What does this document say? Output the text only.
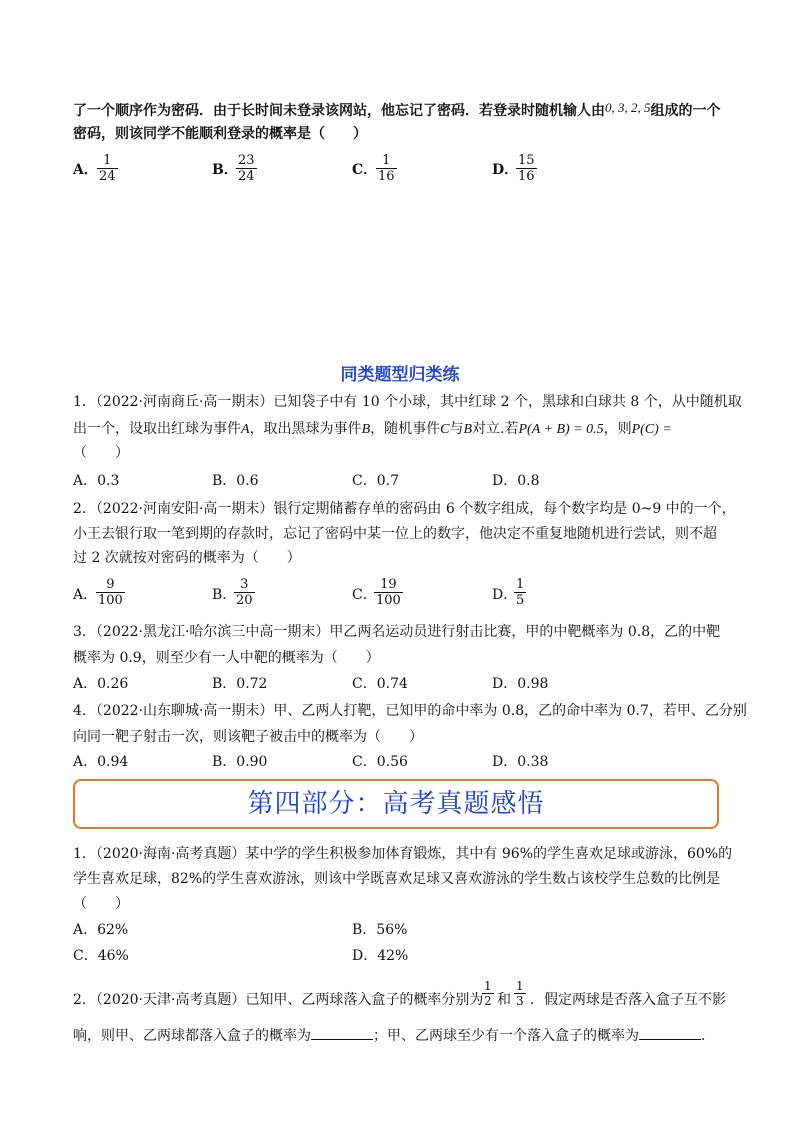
了一个顺序作为密码．由于长时间未登录该网站，他忘记了密码．若登录时随机输人由0, 3, 2, 5组成的一个
密码，则该同学不能顺利登录的概率是（　　）
A． $\frac{1}{24}$	B．
$\frac{23}{24}$	C．
$\frac{1}{16}$	D．
$\frac{15}{16}$
同类题型归类练
1．（2022·河南商丘·高一期末）已知袋子中有 10 个小球，其中红球 2 个，黑球和白球共 8 个，从中随机取
出一个，设取出红球为事件A，取出黑球为事件B，随机事件C与B对立.若P(A + B) = 0.5，则P(C) =
（　　）
A．0.3	B．0.6	C．0.7	D．0.8
2．（2022·河南安阳·高一期末）银行定期储蓄存单的密码由 6 个数字组成，每个数字均是 0~9 中的一个，
小王去银行取一笔到期的存款时，忘记了密码中某一位上的数字，他决定不重复地随机进行尝试，则不超
过 2 次就按对密码的概率为（　　）
A．
$\frac{9}{100}$	B．
$\frac{3}{20}$	C．
$\frac{19}{100}$	D．
$\frac{1}{5}$
3．（2022·黑龙江·哈尔滨三中高一期末）甲乙两名运动员进行射击比赛，甲的中靶概率为 0.8，乙的中靶
概率为 0.9，则至少有一人中靶的概率为（　　）
A．0.26	B．0.72	C．0.74	D．0.98
4．（2022·山东聊城·高一期末）甲、乙两人打靶，已知甲的命中率为 0.8，乙的命中率为 0.7，若甲、乙分别
向同一靶子射击一次，则该靶子被击中的概率为（　　）
A．0.94	B．0.90	C．0.56	D．0.38
第四部分：高考真题感悟
1．（2020·海南·高考真题）某中学的学生积极参加体育锻炼，其中有 96%的学生喜欢足球或游泳，60%的
学生喜欢足球，82%的学生喜欢游泳，则该中学既喜欢足球又喜欢游泳的学生数占该校学生总数的比例是
（　　）
A．62%	B．56%
C．46%	D．42%
2．（2020·天津·高考真题）已知甲、乙两球落入盒子的概率分别为
$\frac{1}{2}$ 和 $\frac{1}{3}$ ．假定两球是否落入盒子互不影
响，则甲、乙两球都落入盒子的概率为	；甲、乙两球至少有一个落入盒子的概率为	.
